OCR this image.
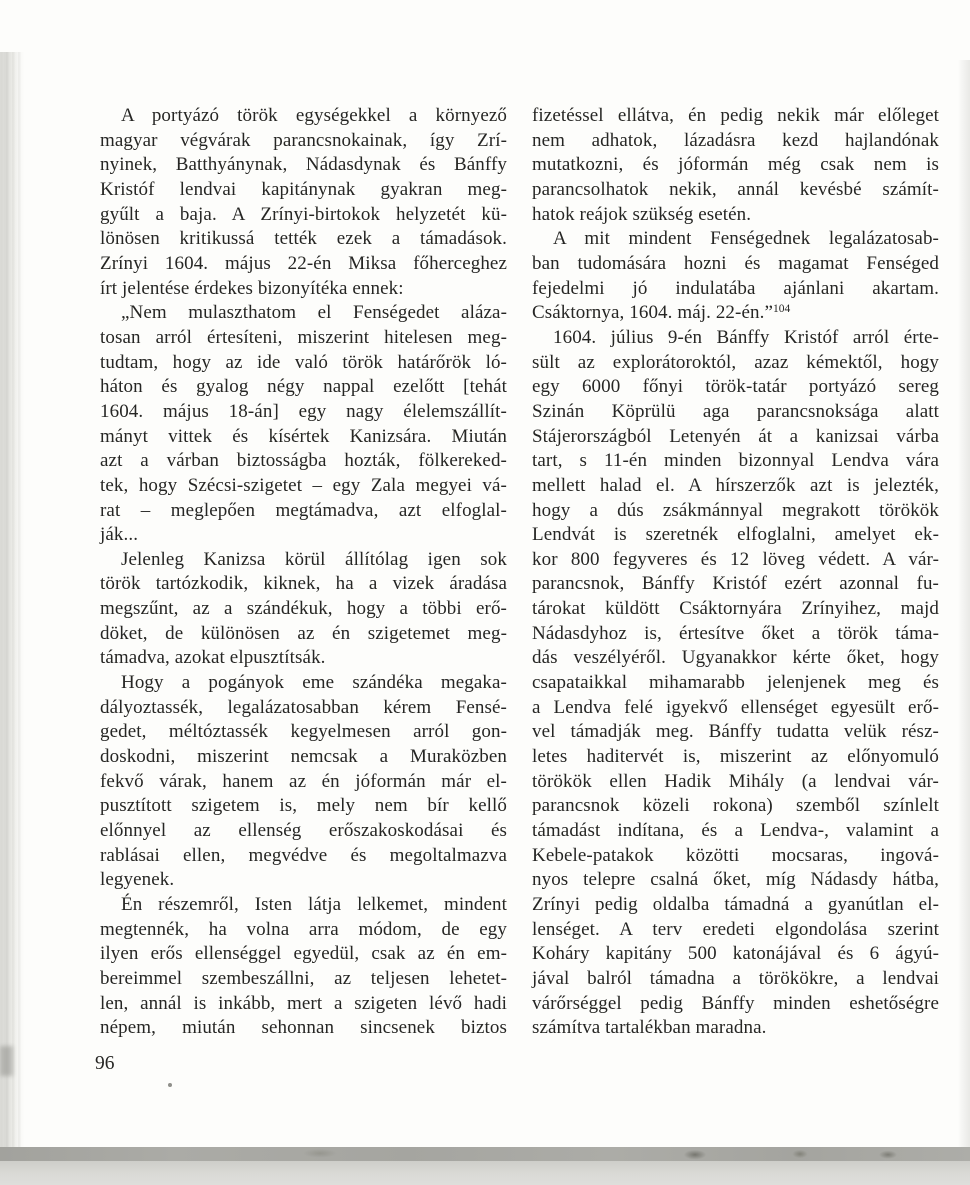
A portyázó török egységekkel a környező
magyar végvárak parancsnokainak, így Zrí-
nyinek, Batthyánynak, Nádasdynak és Bánffy
Kristóf lendvai kapitánynak gyakran meg-
gyűlt a baja. A Zrínyi-birtokok helyzetét kü-
lönösen kritikussá tették ezek a támadások.
Zrínyi 1604. május 22-én Miksa főherceghez
írt jelentése érdekes bizonyítéka ennek:
„Nem mulaszthatom el Fenségedet aláza-
tosan arról értesíteni, miszerint hitelesen meg-
tudtam, hogy az ide való török határőrök ló-
háton és gyalog négy nappal ezelőtt [tehát
1604. május 18-án] egy nagy élelemszállít-
mányt vittek és kísértek Kanizsára. Miután
azt a várban biztosságba hozták, fölkereked-
tek, hogy Szécsi-szigetet – egy Zala megyei vá-
rat – meglepően megtámadva, azt elfoglal-
ják...
Jelenleg Kanizsa körül állítólag igen sok
török tartózkodik, kiknek, ha a vizek áradása
megszűnt, az a szándékuk, hogy a többi erő-
döket, de különösen az én szigetemet meg-
támadva, azokat elpusztítsák.
Hogy a pogányok eme szándéka megaka-
dályoztassék, legalázatosabban kérem Fensé-
gedet, méltóztassék kegyelmesen arról gon-
doskodni, miszerint nemcsak a Muraközben
fekvő várak, hanem az én jóformán már el-
pusztított szigetem is, mely nem bír kellő
előnnyel az ellenség erőszakoskodásai és
rablásai ellen, megvédve és megoltalmazva
legyenek.
Én részemről, Isten látja lelkemet, mindent
megtennék, ha volna arra módom, de egy
ilyen erős ellenséggel egyedül, csak az én em-
bereimmel szembeszállni, az teljesen lehetet-
len, annál is inkább, mert a szigeten lévő hadi
népem, miután sehonnan sincsenek biztos
fizetéssel ellátva, én pedig nekik már előleget
nem adhatok, lázadásra kezd hajlandónak
mutatkozni, és jóformán még csak nem is
parancsolhatok nekik, annál kevésbé számít-
hatok reájok szükség esetén.
A mit mindent Fenségednek legalázatosab-
ban tudomására hozni és magamat Fenséged
fejedelmi jó indulatába ajánlani akartam.
Csáktornya, 1604. máj. 22-én.”$^{104}$
1604. július 9-én Bánffy Kristóf arról érte-
sült az explorátoroktól, azaz kémektől, hogy
egy 6000 főnyi török-tatár portyázó sereg
Szinán Köprülü aga parancsnoksága alatt
Stájerországból Letenyén át a kanizsai várba
tart, s 11-én minden bizonnyal Lendva vára
mellett halad el. A hírszerzők azt is jelezték,
hogy a dús zsákmánnyal megrakott törökök
Lendvát is szeretnék elfoglalni, amelyet ek-
kor 800 fegyveres és 12 löveg védett. A vár-
parancsnok, Bánffy Kristóf ezért azonnal fu-
tárokat küldött Csáktornyára Zrínyihez, majd
Nádasdyhoz is, értesítve őket a török táma-
dás veszélyéről. Ugyanakkor kérte őket, hogy
csapataikkal mihamarabb jelenjenek meg és
a Lendva felé igyekvő ellenséget egyesült erő-
vel támadják meg. Bánffy tudatta velük rész-
letes haditervét is, miszerint az előnyomuló
törökök ellen Hadik Mihály (a lendvai vár-
parancsnok közeli rokona) szemből színlelt
támadást indítana, és a Lendva-, valamint a
Kebele-patakok közötti mocsaras, ingová-
nyos telepre csalná őket, míg Nádasdy hátba,
Zrínyi pedig oldalba támadná a gyanútlan el-
lenséget. A terv eredeti elgondolása szerint
Koháry kapitány 500 katonájával és 6 ágyú-
jával balról támadna a törökökre, a lendvai
várőrséggel pedig Bánffy minden eshetőségre
számítva tartalékban maradna.
96
